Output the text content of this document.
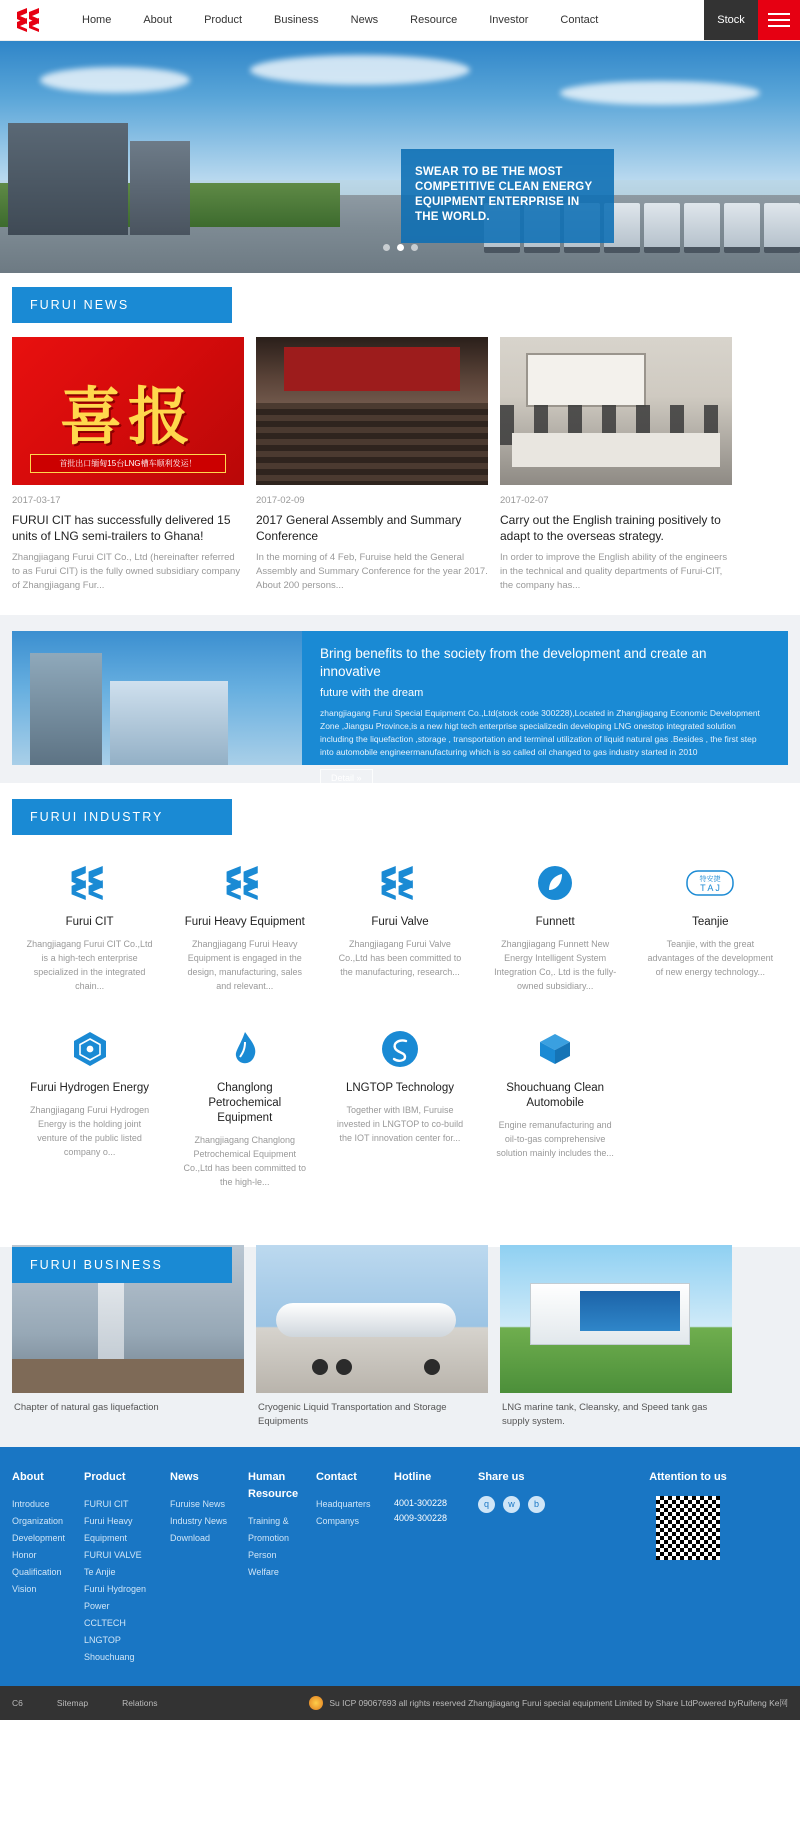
Home	About	Product	Business	News	Resource	Investor	Contact	Stock
SWEAR TO BE THE MOST COMPETITIVE CLEAN ENERGY EQUIPMENT ENTERPRISE IN THE WORLD.
FURUI NEWS
喜报
首批出口缅甸15台LNG槽车顺利发运！
2017-03-17
FURUI CIT has successfully delivered 15 units of LNG semi-trailers to Ghana!
Zhangjiagang Furui CIT Co., Ltd (hereinafter referred to as Furui CIT) is the fully owned subsidiary company of Zhangjiagang Fur...
2017-02-09
2017 General Assembly and Summary Conference
In the morning of 4 Feb, Furuise held the General Assembly and Summary Conference for the year 2017. About 200 persons...
2017-02-07
Carry out the English training positively to adapt to the overseas strategy.
In order to improve the English ability of the engineers in the technical and quality departments of Furui-CIT, the company has...
Bring benefits to the society from the development and create an innovative
future with the dream
zhangjiagang Furui Special Equipment Co.,Ltd(stock code 300228),Located in Zhangjiagang Economic Development Zone ,Jiangsu Province,is a new higt tech enterprise specializedin developing LNG onestop integrated solution including the liquefaction ,storage , transportation and terminal utilization of liquid natural gas .Besides , the first step into automobile engineermanufacturing which is so called oil changed to gas industry started in 2010
Detail »
FURUI INDUSTRY
Furui CIT
Zhangjiagang Furui CIT Co.,Ltd is a high-tech enterprise specialized in the integrated chain...
Furui Heavy Equipment
Zhangjiagang Furui Heavy Equipment is engaged in the design, manufacturing, sales and relevant...
Furui Valve
Zhangjiagang Furui Valve Co.,Ltd has been committed to the manufacturing, research...
Funnett
Zhangjiagang Funnett New Energy Intelligent System Integration Co,. Ltd is the fully-owned subsidiary...
特安捷
T A J
Teanjie
Teanjie, with the great advantages of the development of new energy technology...
Furui Hydrogen Energy
Zhangjiagang Furui Hydrogen Energy is the holding joint venture of the public listed company o...
Changlong Petrochemical Equipment
Zhangjiagang Changlong Petrochemical Equipment Co.,Ltd has been committed to the high-le...
LNGTOP Technology
Together with IBM, Furuise invested in LNGTOP to co-build the IOT innovation center for...
Shouchuang Clean Automobile
Engine remanufacturing and oil-to-gas comprehensive solution mainly includes the...
FURUI BUSINESS
CYGNSC
Chapter of natural gas liquefaction	Cryogenic Liquid Transportation and Storage Equipments
LNG marine tank, Cleansky, and Speed tank gas supply system.
About
Introduce
Organization
Development
Honor
Qualification
Vision
Product
FURUI CIT
Furui Heavy Equipment
FURUI VALVE
Te Anjie
Furui Hydrogen Power
CCLTECH
LNGTOP
Shouchuang
News
Furuise News
Industry News
Download
Human Resource
Training & Promotion
Person
Welfare
Contact
Headquarters
Companys
Hotline
4001-300228
4009-300228
Share us
q	w	b
Attention to us
C6	Sitemap	Relations	Su ICP 09067693 all rights reserved Zhangjiagang Furui special equipment Limited by Share LtdPowered byRuifeng Ke网
